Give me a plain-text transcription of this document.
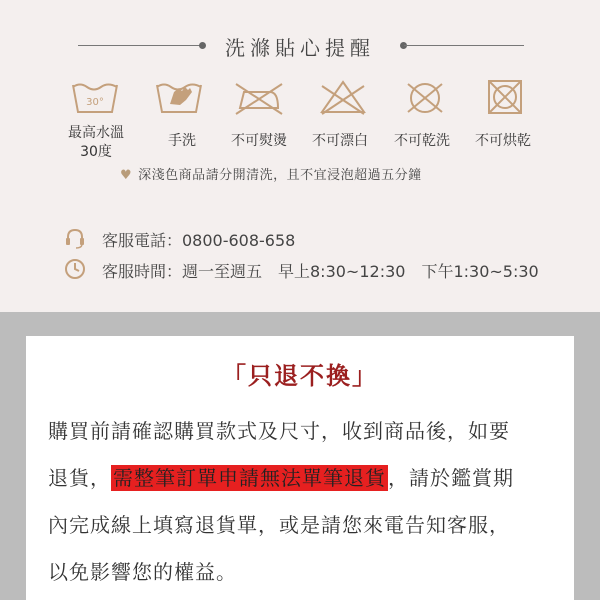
洗滌貼心提醒
30°
最高水溫
30度
手洗	不可熨燙	不可漂白	不可乾洗	不可烘乾
♥ 深淺色商品請分開清洗，且不宜浸泡超過五分鐘
客服電話：0800-608-658
客服時間：週一至週五　早上8:30~12:30　下午1:30~5:30
「只退不換」
購買前請確認購買款式及尺寸，收到商品後，如要
退貨， 需整筆訂單申請無法單筆退貨 ，請於鑑賞期
內完成線上填寫退貨單，或是請您來電告知客服，
以免影響您的權益。
